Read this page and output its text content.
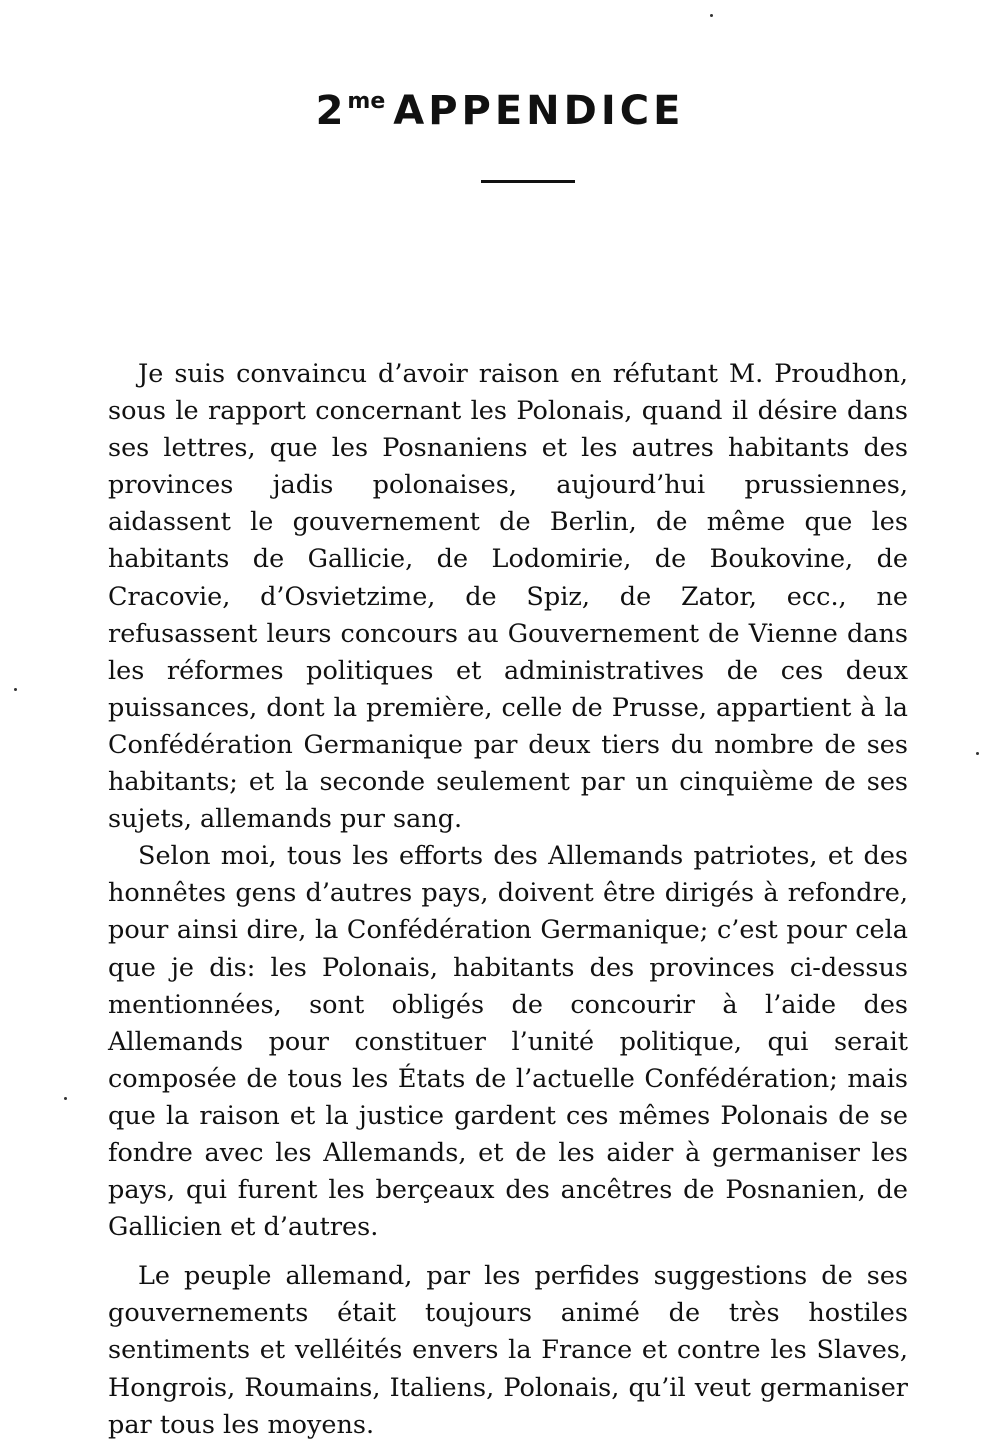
$2^{me}$ APPENDICE

Je suis convaincu d’avoir raison en réfutant M. Proudhon, sous le rapport concernant les Polonais, quand il désire dans ses lettres, que les Posnaniens et les autres habitants des provinces jadis polonaises, aujourd’hui prussiennes, aidassent le gouvernement de Berlin, de même que les habitants de Gallicie, de Lodomirie, de Boukovine, de Cracovie, d’Osvietzime, de Spiz, de Zator, ecc., ne refusassent leurs concours au Gouvernement de Vienne dans les réformes politiques et administratives de ces deux puissances, dont la première, celle de Prusse, appartient à la Confédération Germanique par deux tiers du nombre de ses habitants; et la seconde seulement par un cinquième de ses sujets, allemands pur sang.

Selon moi, tous les efforts des Allemands patriotes, et des honnêtes gens d’autres pays, doivent être dirigés à refondre, pour ainsi dire, la Confédération Germanique; c’est pour cela que je dis: les Polonais, habitants des provinces ci-dessus mentionnées, sont obligés de concourir à l’aide des Allemands pour constituer l’unité politique, qui serait composée de tous les États de l’actuelle Confédération; mais que la raison et la justice gardent ces mêmes Polonais de se fondre avec les Allemands, et de les aider à germaniser les pays, qui furent les berçeaux des ancêtres de Posnanien, de Gallicien et d’autres.

Le peuple allemand, par les perfides suggestions de ses gouvernements était toujours animé de très hostiles sentiments et velléités envers la France et contre les Slaves, Hongrois, Roumains, Italiens, Polonais, qu’il veut germaniser par tous les moyens.
